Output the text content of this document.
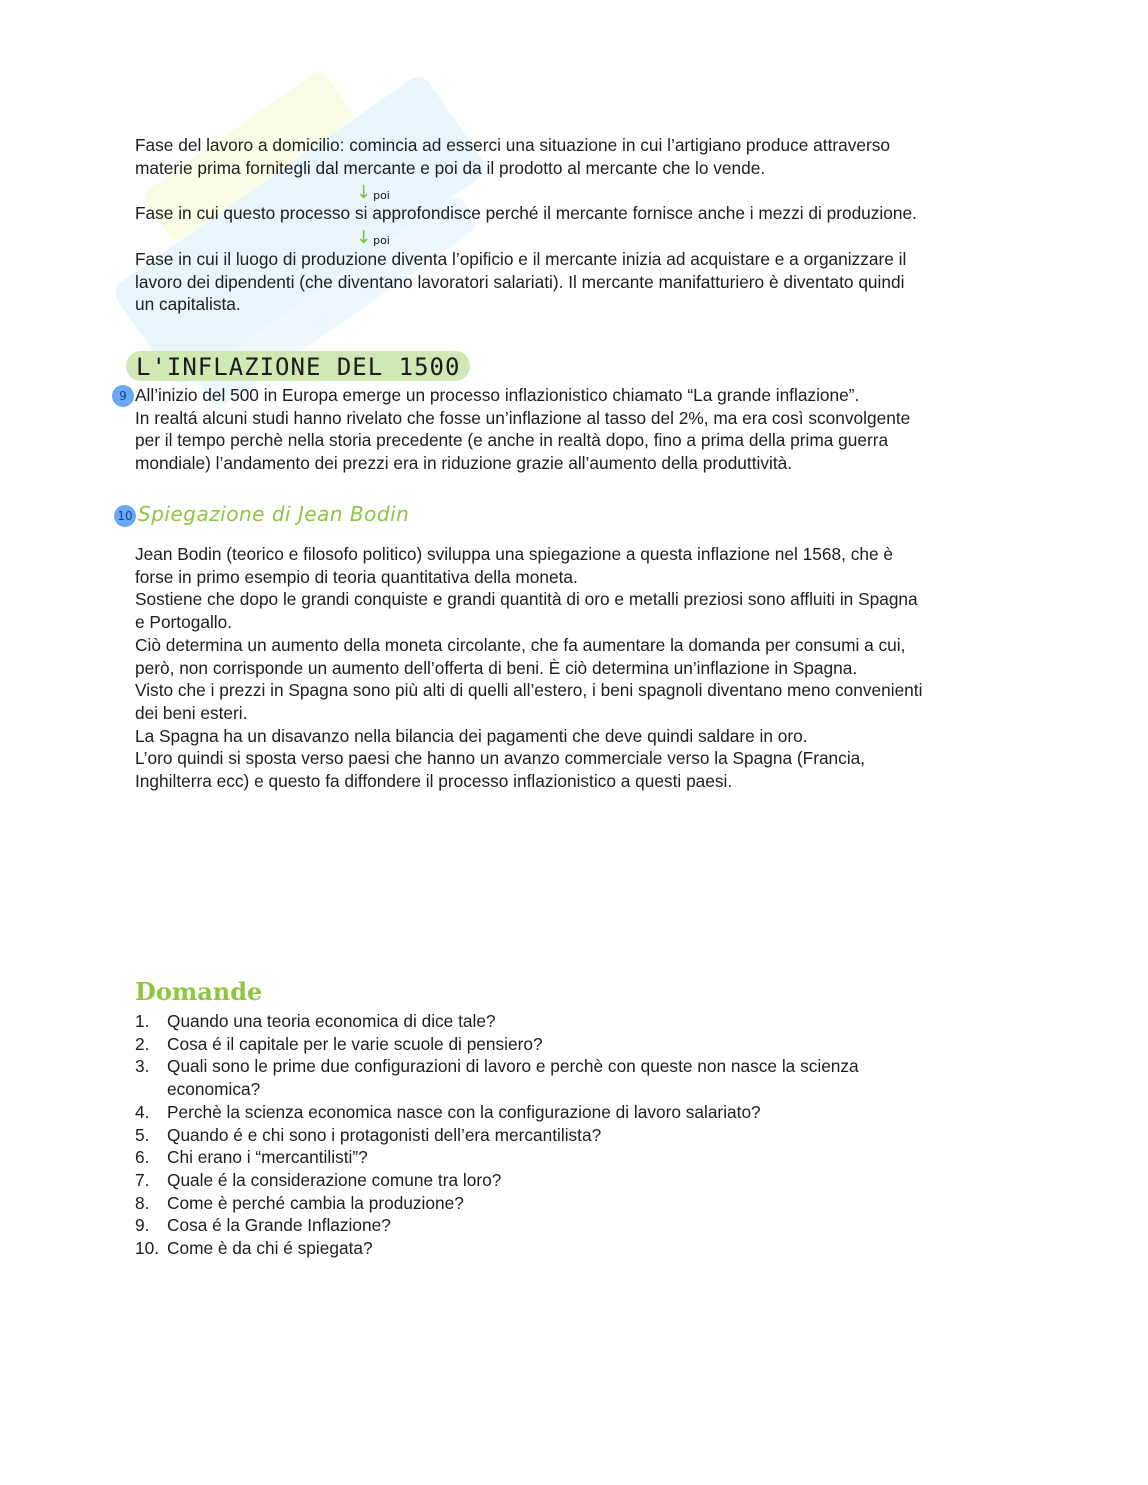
Fase del lavoro a domicilio: comincia ad esserci una situazione in cui l’artigiano produce attraverso
materie prima fornitegli dal mercante e poi da il prodotto al mercante che lo vende.

↓ poi

Fase in cui questo processo si approfondisce perché il mercante fornisce anche i mezzi di produzione.

↓ poi

Fase in cui il luogo di produzione diventa l’opificio e il mercante inizia ad acquistare e a organizzare il
lavoro dei dipendenti (che diventano lavoratori salariati). Il mercante manifatturiero è diventato quindi
un capitalista.

L'INFLAZIONE DEL 1500
9 All’inizio del 500 in Europa emerge un processo inflazionistico chiamato “La grande inflazione”.
In realtá alcuni studi hanno rivelato che fosse un’inflazione al tasso del 2%, ma era così sconvolgente
per il tempo perchè nella storia precedente (e anche in realtà dopo, fino a prima della prima guerra
mondiale) l’andamento dei prezzi era in riduzione grazie all’aumento della produttività.

10 Spiegazione di Jean Bodin

Jean Bodin (teorico e filosofo politico) sviluppa una spiegazione a questa inflazione nel 1568, che è
forse in primo esempio di teoria quantitativa della moneta.
Sostiene che dopo le grandi conquiste e grandi quantità di oro e metalli preziosi sono affluiti in Spagna
e Portogallo.
Ciò determina un aumento della moneta circolante, che fa aumentare la domanda per consumi a cui,
però, non corrisponde un aumento dell’offerta di beni. È ciò determina un’inflazione in Spagna.
Visto che i prezzi in Spagna sono più alti di quelli all’estero, i beni spagnoli diventano meno convenienti
dei beni esteri.
La Spagna ha un disavanzo nella bilancia dei pagamenti che deve quindi saldare in oro.
L’oro quindi si sposta verso paesi che hanno un avanzo commerciale verso la Spagna (Francia,
Inghilterra ecc) e questo fa diffondere il processo inflazionistico a questi paesi.

Domande
1.	Quando una teoria economica di dice tale?
2.	Cosa é il capitale per le varie scuole di pensiero?
3.	Quali sono le prime due configurazioni di lavoro e perchè con queste non nasce la scienza
economica?
4.	Perchè la scienza economica nasce con la configurazione di lavoro salariato?
5.	Quando é e chi sono i protagonisti dell’era mercantilista?
6.	Chi erano i “mercantilisti”?
7.	Quale é la considerazione comune tra loro?
8.	Come è perché cambia la produzione?
9.	Cosa é la Grande Inflazione?
10. Come è da chi é spiegata?
